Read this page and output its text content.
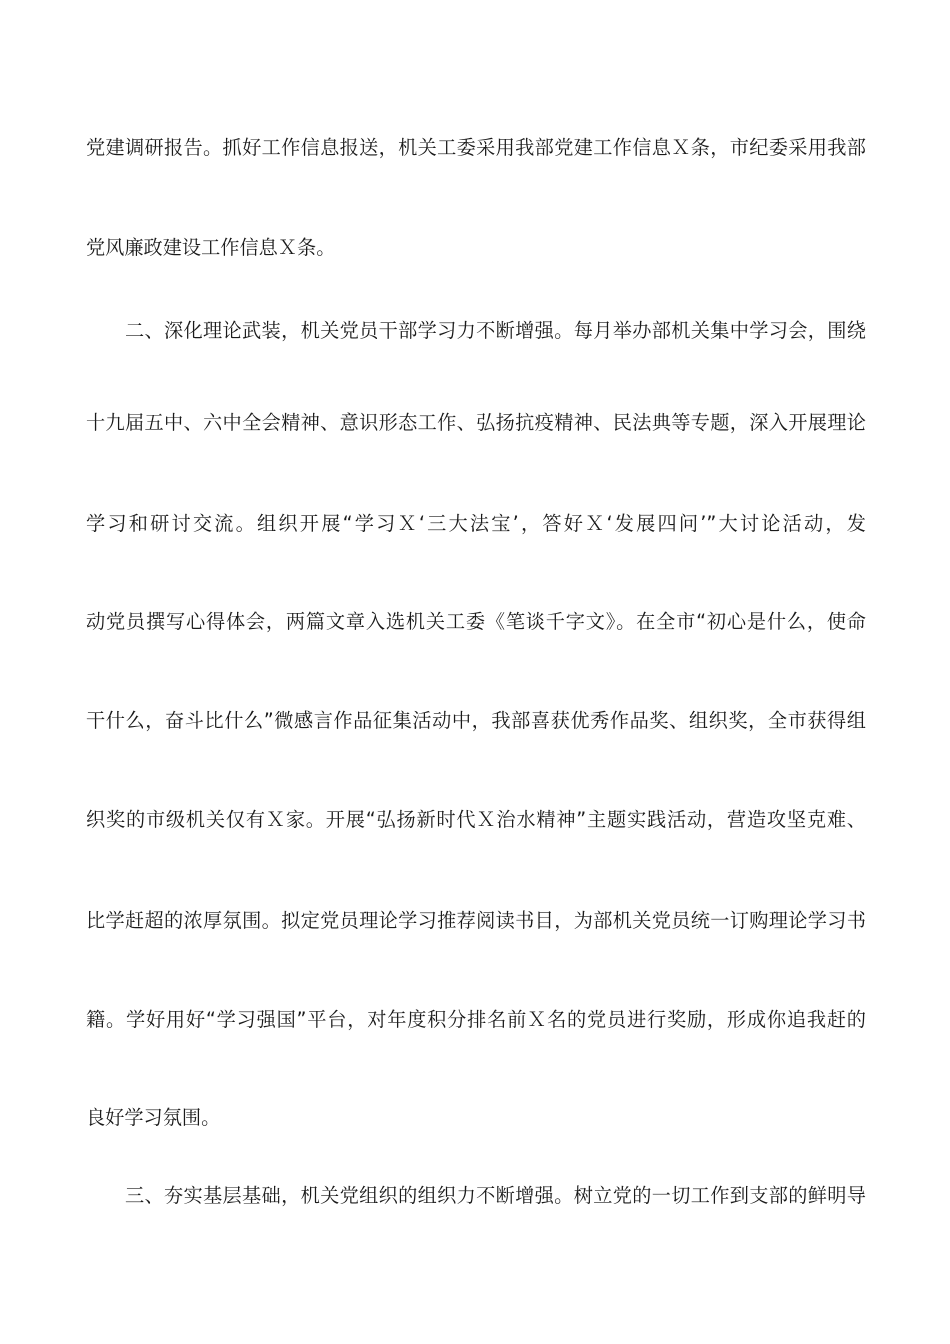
党建调研报告。抓好工作信息报送，机关工委采用我部党建工作信息Ｘ条，市纪委采用我部
党风廉政建设工作信息Ｘ条。
二、深化理论武装，机关党员干部学习力不断增强。每月举办部机关集中学习会，围绕
十九届五中、六中全会精神、意识形态工作、弘扬抗疫精神、民法典等专题，深入开展理论
学习和研讨交流。组织开展“学习Ｘ‘三大法宝’，答好Ｘ‘发展四问’”大讨论活动，发
动党员撰写心得体会，两篇文章入选机关工委《笔谈千字文》。在全市“初心是什么，使命
干什么，奋斗比什么”微感言作品征集活动中，我部喜获优秀作品奖、组织奖，全市获得组
织奖的市级机关仅有Ｘ家。开展“弘扬新时代Ｘ治水精神”主题实践活动，营造攻坚克难、
比学赶超的浓厚氛围。拟定党员理论学习推荐阅读书目，为部机关党员统一订购理论学习书
籍。学好用好“学习强国”平台，对年度积分排名前Ｘ名的党员进行奖励，形成你追我赶的
良好学习氛围。
三、夯实基层基础，机关党组织的组织力不断增强。树立党的一切工作到支部的鲜明导
